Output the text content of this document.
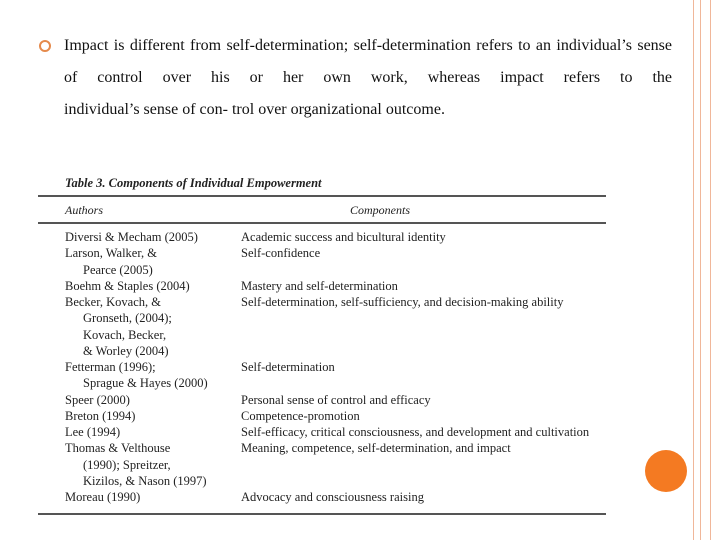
Impact is different from self-determination; self-determination refers to an individual’s sense of control over his or her own work, whereas impact refers to the
individual’s sense of con- trol over organizational outcome.
Table 3. Components of Individual Empowerment
Authors	Components
Diversi & Mecham (2005)	Academic success and bicultural identity
Larson, Walker, &	Self-confidence
Pearce (2005)
Boehm & Staples (2004)	Mastery and self-determination
Becker, Kovach, &	Self-determination, self-sufficiency, and decision-making ability
Gronseth, (2004);
Kovach, Becker,
& Worley (2004)
Fetterman (1996);	Self-determination
Sprague & Hayes (2000)
Speer (2000)	Personal sense of control and efficacy
Breton (1994)	Competence-promotion
Lee (1994)	Self-efficacy, critical consciousness, and development and cultivation
Thomas & Velthouse	Meaning, competence, self-determination, and impact
(1990); Spreitzer,
Kizilos, & Nason (1997)
Moreau (1990)	Advocacy and consciousness raising
